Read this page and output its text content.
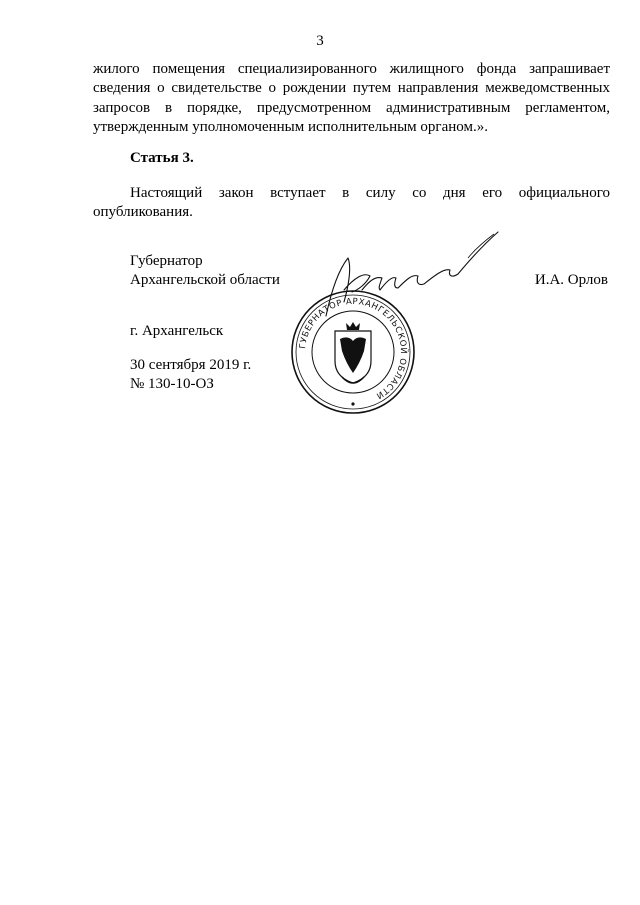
3
жилого помещения специализированного жилищного фонда запрашивает
сведения о свидетельстве о рождении путем направления межведомственных
запросов в порядке, предусмотренном административным регламентом,
утвержденным уполномоченным исполнительным органом.».
Статья 3.
Настоящий закон вступает в силу со дня его официального
опубликования.
Губернатор
Архангельской области	И.А. Орлов
ГУБЕРНАТОР АРХАНГЕЛЬСКОЙ ОБЛАСТИ
г. Архангельск
30 сентября 2019 г.
№ 130-10-ОЗ
